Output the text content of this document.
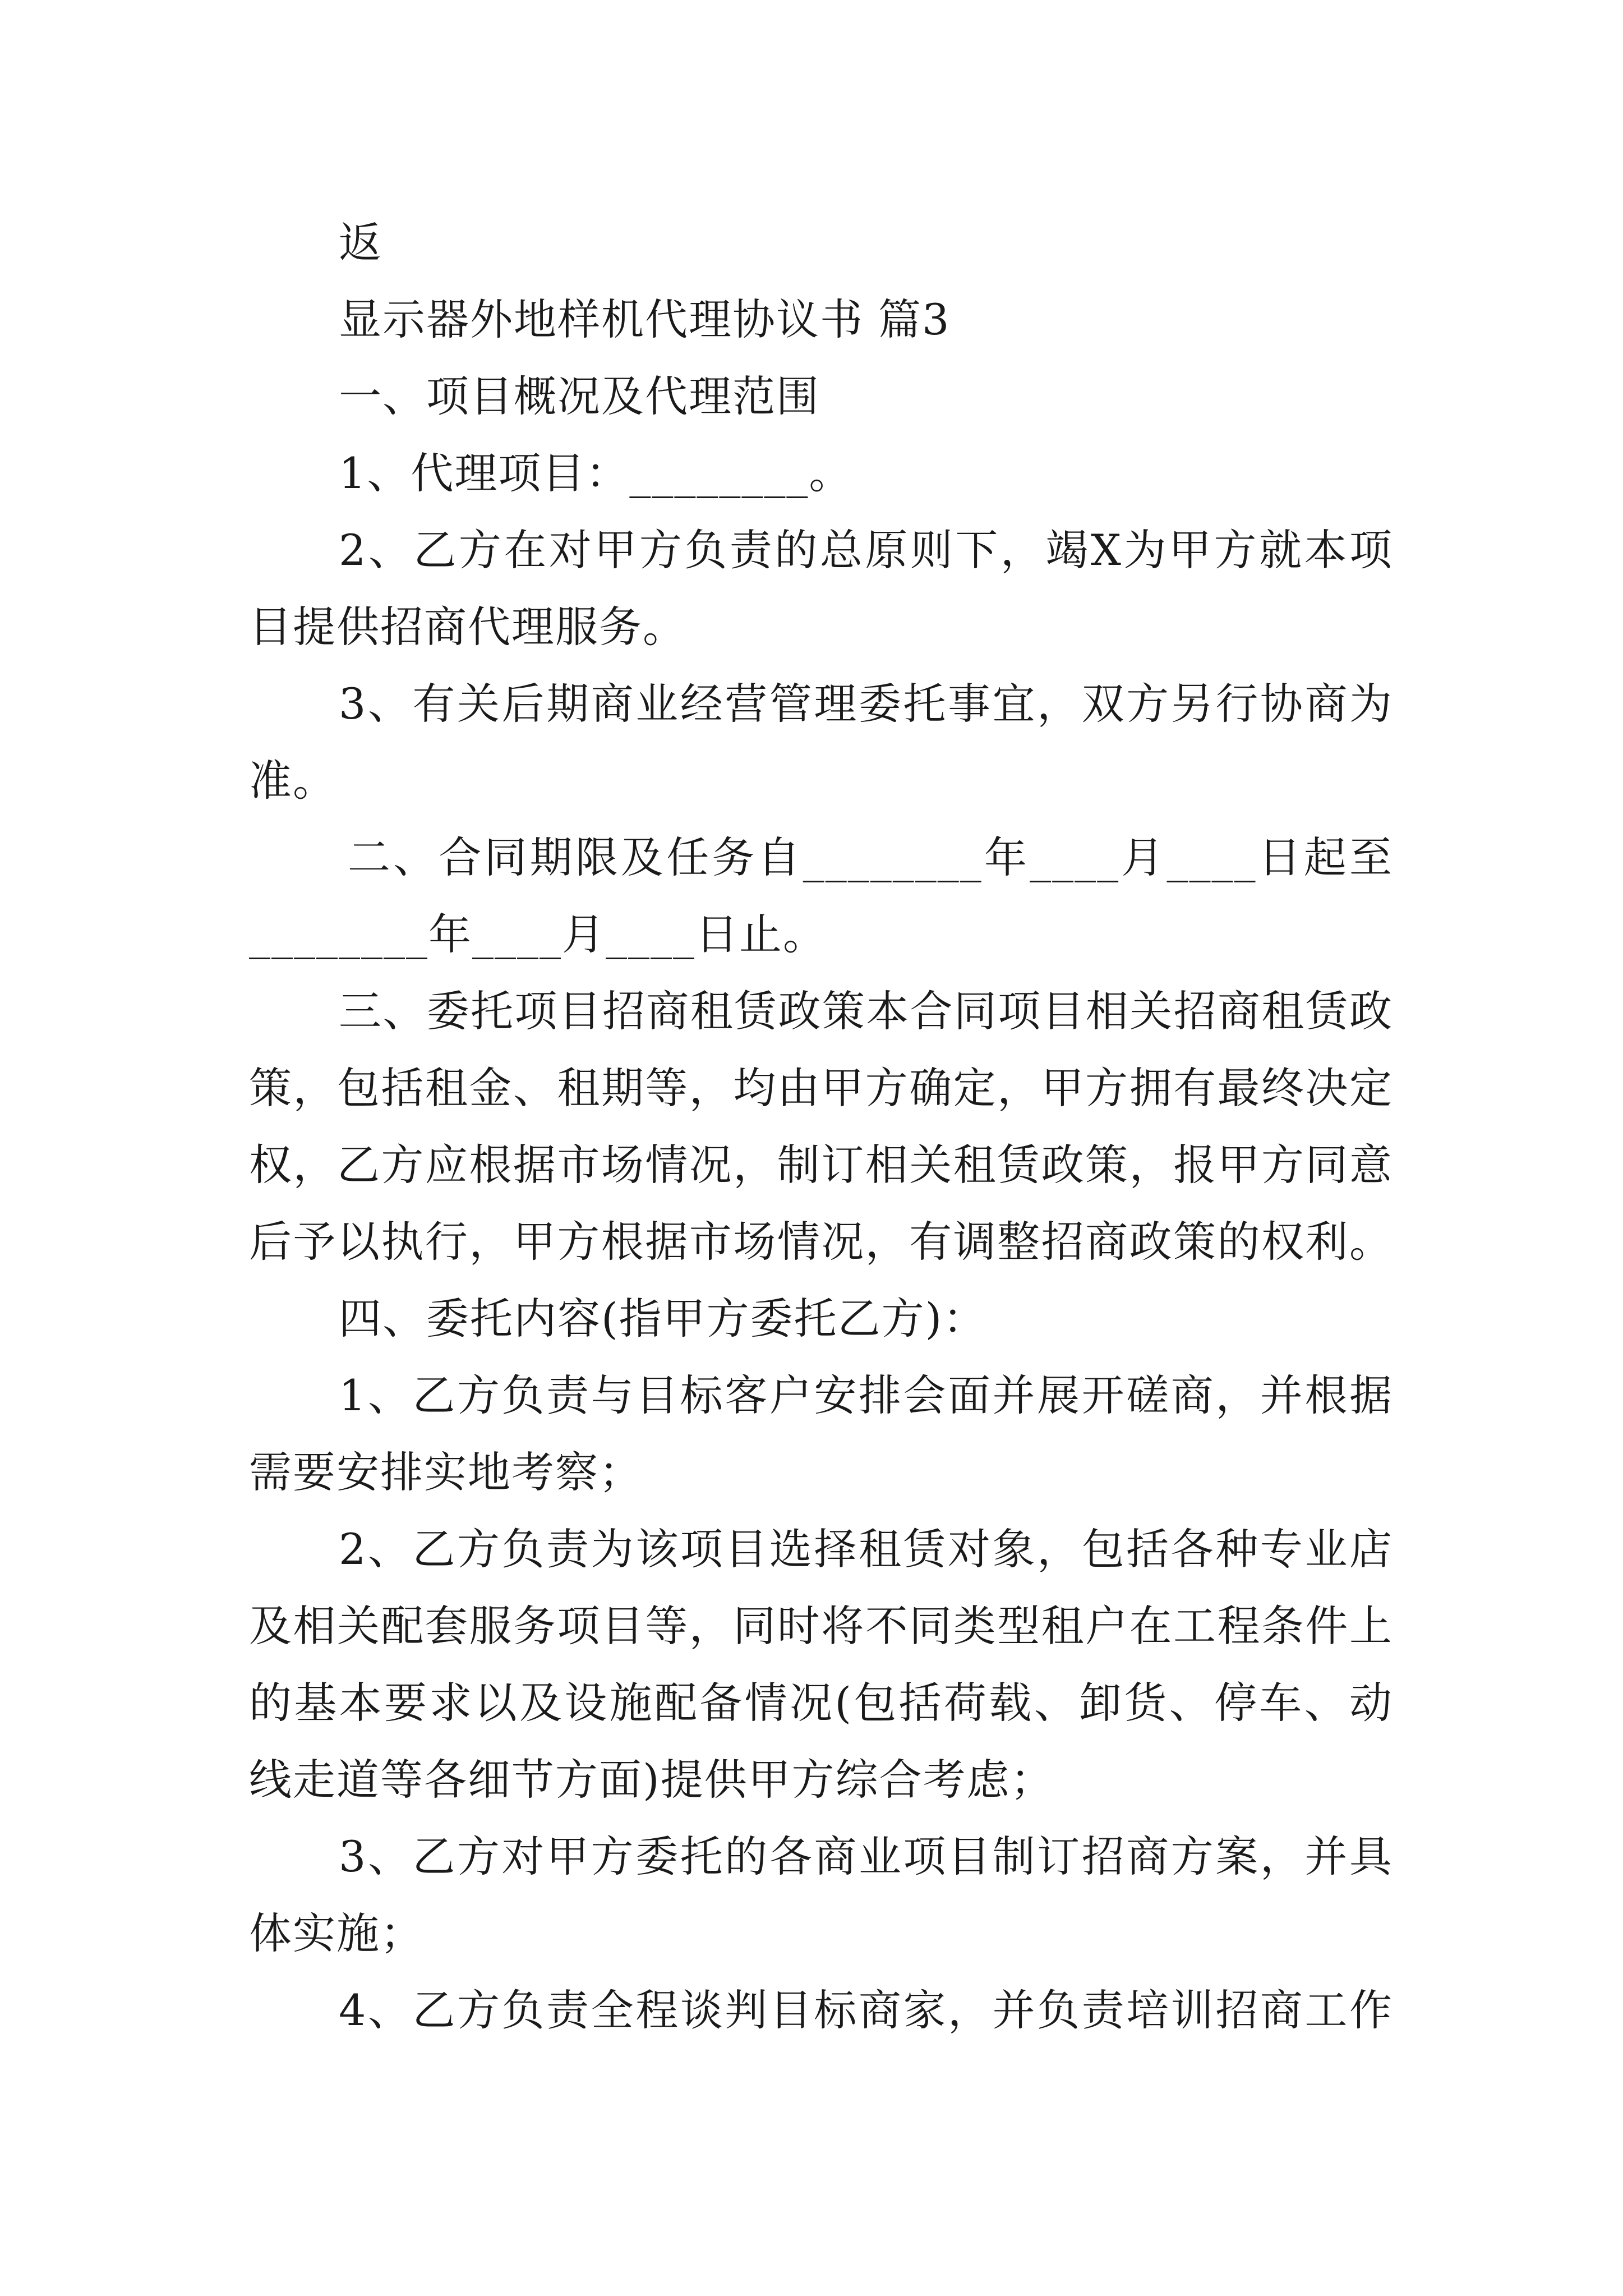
返
显示器外地样机代理协议书 篇3
一、项目概况及代理范围
1、代理项目：________。
2、乙方在对甲方负责的总原则下，竭X为甲方就本项
目提供招商代理服务。
3、有关后期商业经营管理委托事宜，双方另行协商为
准。
二、合同期限及任务自________年____月____日起至
________年____月____日止。
三、委托项目招商租赁政策本合同项目相关招商租赁政
策，包括租金、租期等，均由甲方确定，甲方拥有最终决定
权，乙方应根据市场情况，制订相关租赁政策，报甲方同意
后予以执行，甲方根据市场情况，有调整招商政策的权利。
四、委托内容(指甲方委托乙方)：
1、乙方负责与目标客户安排会面并展开磋商，并根据
需要安排实地考察；
2、乙方负责为该项目选择租赁对象，包括各种专业店
及相关配套服务项目等，同时将不同类型租户在工程条件上
的基本要求以及设施配备情况(包括荷载、卸货、停车、动
线走道等各细节方面)提供甲方综合考虑；
3、乙方对甲方委托的各商业项目制订招商方案，并具
体实施；
4、乙方负责全程谈判目标商家，并负责培训招商工作
